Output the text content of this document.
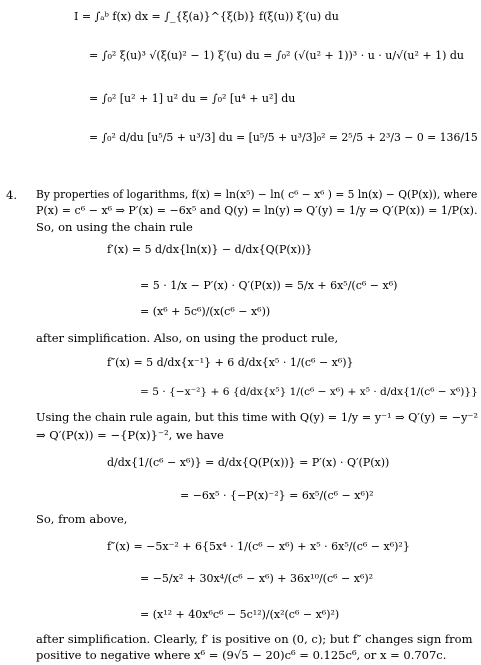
I = ∫ₐᵇ f(x) dx = ∫_{ξ(a)}^{ξ(b)} f(ξ(u)) ξ′(u) du
= ∫₀² ξ(u)³ √(ξ(u)² − 1) ξ′(u) du = ∫₀² (√(u² + 1))³ · u · u/√(u² + 1) du
= ∫₀² [u² + 1] u² du = ∫₀² [u⁴ + u²] du
= ∫₀² d/du [u⁵/5 + u³/3] du = [u⁵/5 + u³/3]₀² = 2⁵/5 + 2³/3 − 0 = 136/15
4. By properties of logarithms, f(x) = ln(x⁵) − ln( c⁶ − x⁶ ) = 5 ln(x) − Q(P(x)), where
P(x) = c⁶ − x⁶ ⇒ P′(x) = −6x⁵ and Q(y) = ln(y) ⇒ Q′(y) = 1/y ⇒ Q′(P(x)) = 1/P(x).
So, on using the chain rule
f′(x) = 5 d/dx{ln(x)} − d/dx{Q(P(x))}
= 5 · 1/x − P′(x) · Q′(P(x)) = 5/x + 6x⁵/(c⁶ − x⁶)
= (x⁶ + 5c⁶)/(x(c⁶ − x⁶))
after simplification. Also, on using the product rule,
f″(x) = 5 d/dx{x⁻¹} + 6 d/dx{x⁵ · 1/(c⁶ − x⁶)}
= 5 · {−x⁻²} + 6 {d/dx{x⁵} 1/(c⁶ − x⁶) + x⁵ · d/dx{1/(c⁶ − x⁶)}}
Using the chain rule again, but this time with Q(y) = 1/y = y⁻¹ ⇒ Q′(y) = −y⁻²
⇒ Q′(P(x)) = −{P(x)}⁻², we have
d/dx{1/(c⁶ − x⁶)} = d/dx{Q(P(x))} = P′(x) · Q′(P(x))
= −6x⁵ · {−P(x)⁻²} = 6x⁵/(c⁶ − x⁶)²
So, from above,
f″(x) = −5x⁻² + 6{5x⁴ · 1/(c⁶ − x⁶) + x⁵ · 6x⁵/(c⁶ − x⁶)²}
= −5/x² + 30x⁴/(c⁶ − x⁶) + 36x¹⁰/(c⁶ − x⁶)²
= (x¹² + 40x⁶c⁶ − 5c¹²)/(x²(c⁶ − x⁶)²)
after simplification. Clearly, f′ is positive on (0, c); but f″ changes sign from
positive to negative where x⁶ = (9√5 − 20)c⁶ = 0.125c⁶, or x = 0.707c.
